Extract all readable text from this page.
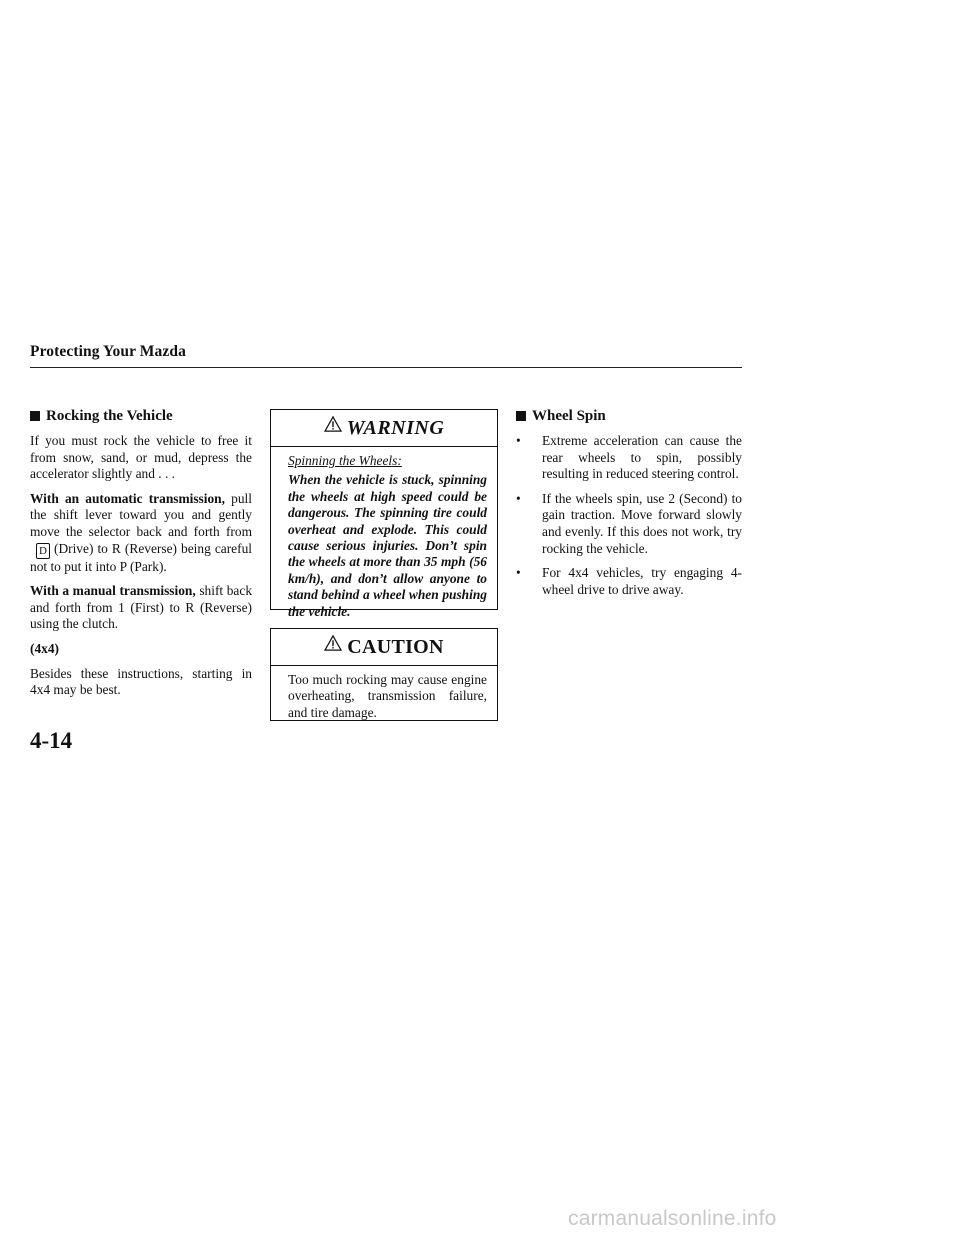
Protecting Your Mazda
Rocking the Vehicle

If you must rock the vehicle to free it from snow, sand, or mud, depress the accelerator slightly and . . .

With an automatic transmission, pull the shift lever toward you and gently move the selector back and forth fromD (Drive) to R (Reverse) being careful not to put it into P (Park).

With a manual transmission, shift back and forth from 1 (First) to R (Reverse) using the clutch.

(4x4)

Besides these instructions, starting in 4x4 may be best.

WARNING
Spinning the Wheels:
When the vehicle is stuck, spinning the wheels at high speed could be dangerous. The spinning tire could overheat and explode. This could cause serious injuries. Don’t spin the wheels at more than 35 mph (56 km/h), and don’t allow anyone to stand behind a wheel when pushing the vehicle.
CAUTION
Too much rocking may cause engine overheating, transmission failure, and tire damage.
Wheel Spin
• Extreme acceleration can cause the rear wheels to spin, possibly resulting in reduced steering control.
• If the wheels spin, use 2 (Second) to gain traction. Move forward slowly and evenly. If this does not work, try rocking the vehicle.
• For 4x4 vehicles, try engaging 4-wheel drive to drive away.
4-14
carmanualsonline.info
